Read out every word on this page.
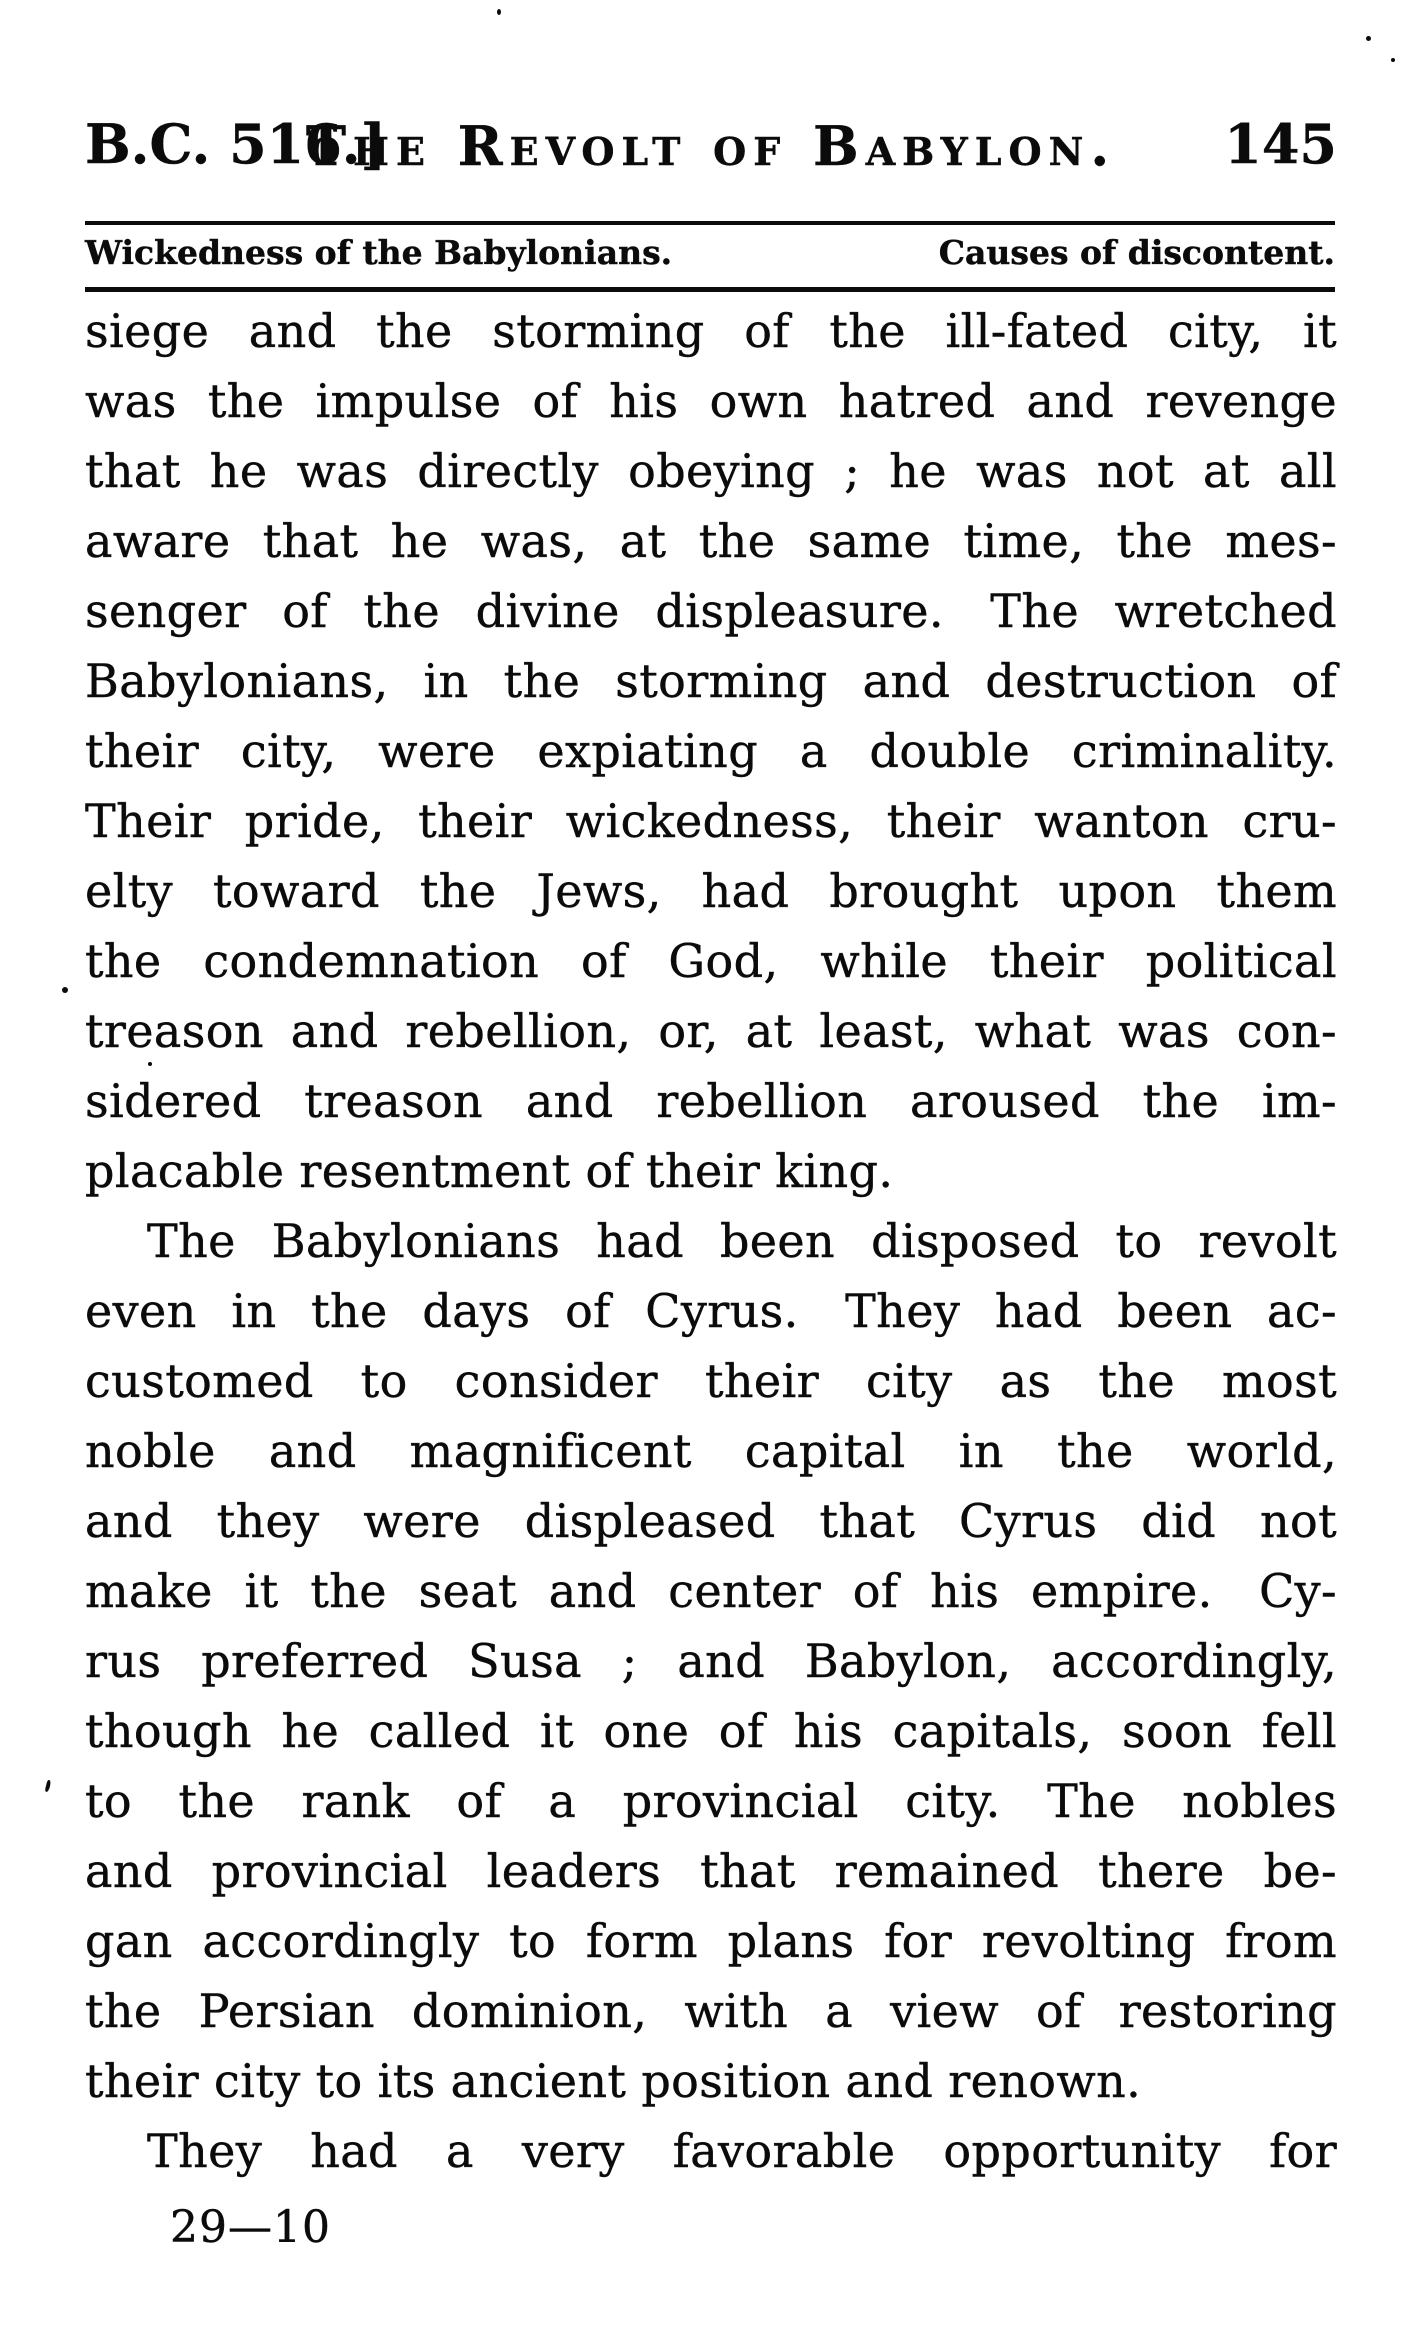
B.C. 516.]
The Revolt of Babylon. 145
Wickedness of the Babylonians.	Causes of discontent.
siege and the storming of the ill-fated city, it
was the impulse of his own hatred and revenge
that he was directly obeying ; he was not at all
aware that he was, at the same time, the mes-
senger of the divine displeasure. The wretched
Babylonians, in the storming and destruction of
their city, were expiating a double criminality.
Their pride, their wickedness, their wanton cru-
elty toward the Jews, had brought upon them
the condemnation of God, while their political
treason and rebellion, or, at least, what was con-
sidered treason and rebellion aroused the im-
placable resentment of their king.
The Babylonians had been disposed to revolt
even in the days of Cyrus. They had been ac-
customed to consider their city as the most
noble and magnificent capital in the world,
and they were displeased that Cyrus did not
make it the seat and center of his empire. Cy-
rus preferred Susa ; and Babylon, accordingly,
though he called it one of his capitals, soon fell
to the rank of a provincial city. The nobles
and provincial leaders that remained there be-
gan accordingly to form plans for revolting from
the Persian dominion, with a view of restoring
their city to its ancient position and renown.
They had a very favorable opportunity for
29—10
